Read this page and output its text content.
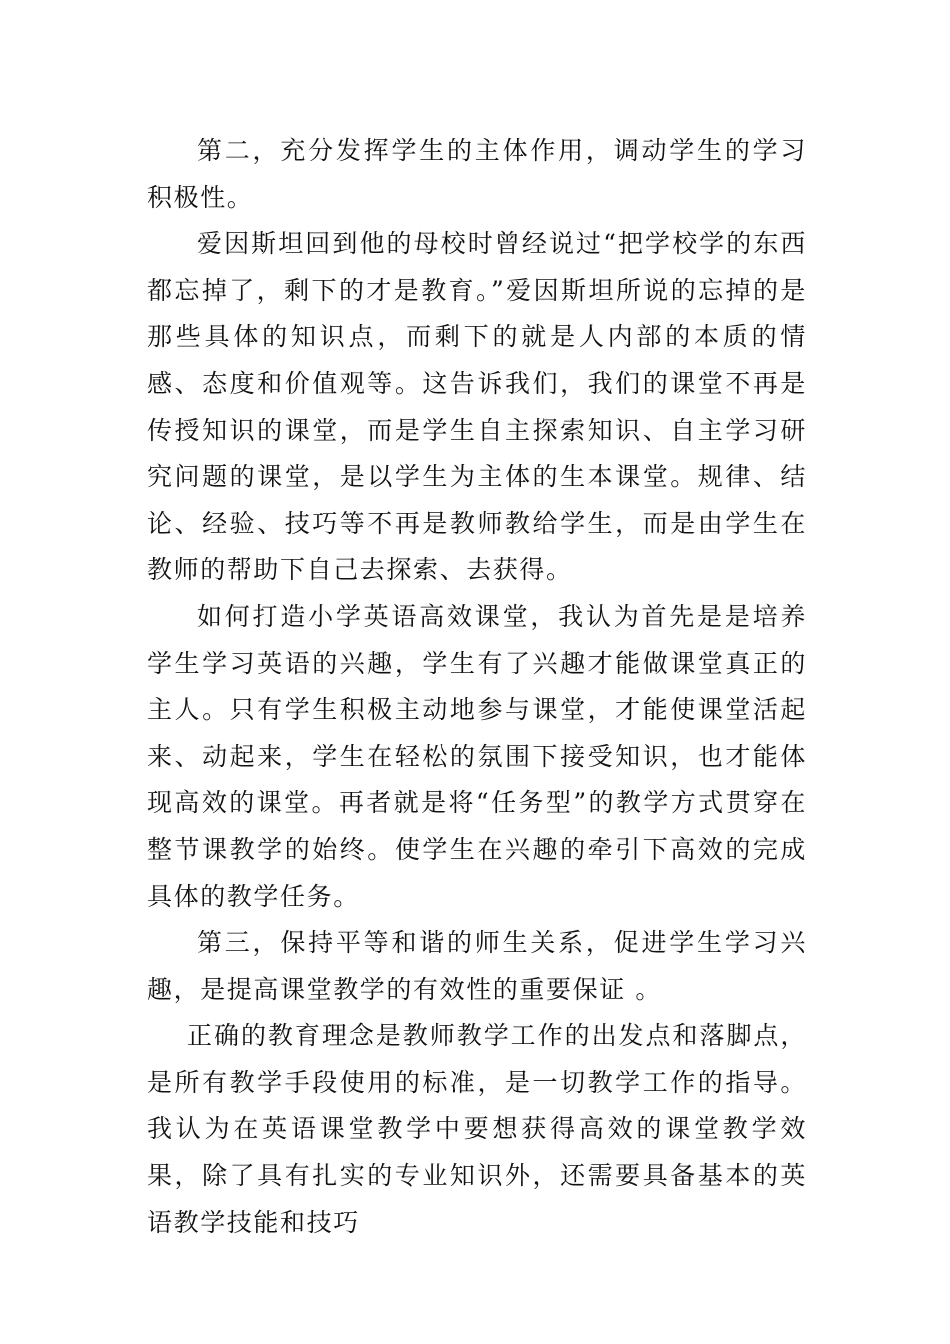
第二，充分发挥学生的主体作用，调动学生的学习积极性。

爱因斯坦回到他的母校时曾经说过“把学校学的东西都忘掉了，剩下的才是教育。”爱因斯坦所说的忘掉的是那些具体的知识点，而剩下的就是人内部的本质的情感、态度和价值观等。这告诉我们，我们的课堂不再是传授知识的课堂，而是学生自主探索知识、自主学习研究问题的课堂，是以学生为主体的生本课堂。规律、结论、经验、技巧等不再是教师教给学生，而是由学生在教师的帮助下自己去探索、去获得。

如何打造小学英语高效课堂，我认为首先是是培养学生学习英语的兴趣，学生有了兴趣才能做课堂真正的主人。只有学生积极主动地参与课堂，才能使课堂活起来、动起来，学生在轻松的氛围下接受知识，也才能体现高效的课堂。再者就是将“任务型”的教学方式贯穿在整节课教学的始终。使学生在兴趣的牵引下高效的完成具体的教学任务。

第三，保持平等和谐的师生关系，促进学生学习兴趣，是提高课堂教学的有效性的重要保证 。

正确的教育理念是教师教学工作的出发点和落脚点，是所有教学手段使用的标准，是一切教学工作的指导。我认为在英语课堂教学中要想获得高效的课堂教学效果，除了具有扎实的专业知识外，还需要具备基本的英语教学技能和技巧
